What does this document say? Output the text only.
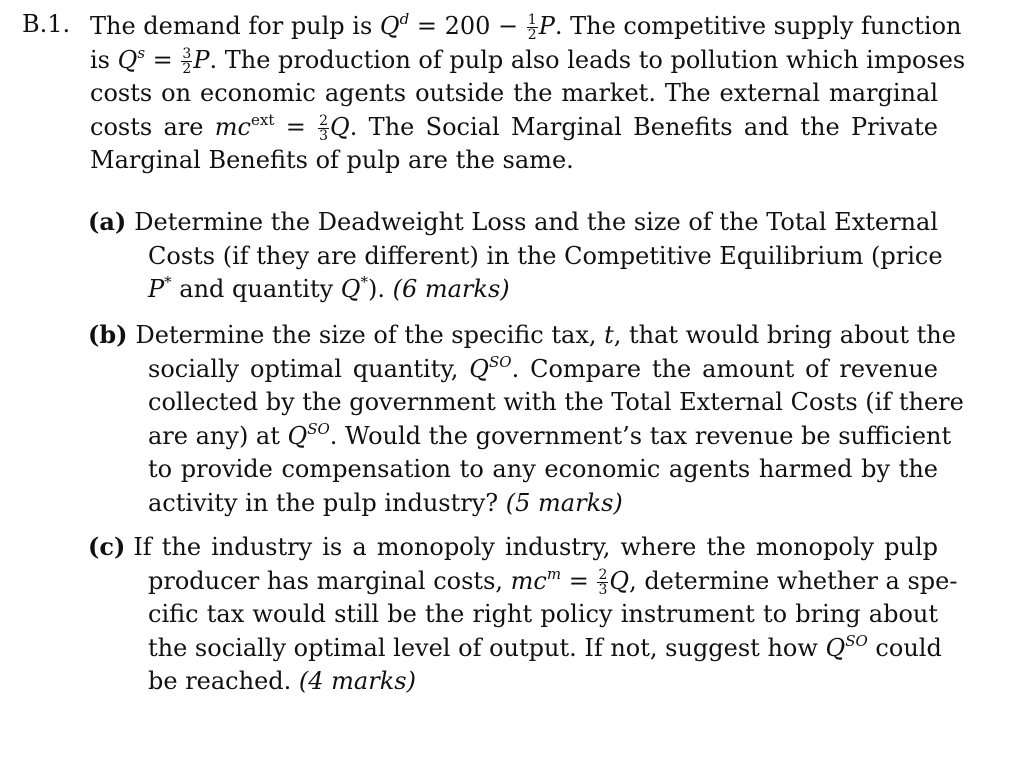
B.1. The demand for pulp is $Q^d = 200 - \frac{1}{2} P$. The competitive supply function
is $Q^s = \frac{3}{2} P$. The production of pulp also leads to pollution which imposes
costs on economic agents outside the market. The external marginal
costs are $mc^{ext} = \frac{2}{3} Q$. The Social Marginal Benefits and the Private
Marginal Benefits of pulp are the same.
(a) Determine the Deadweight Loss and the size of the Total External
Costs (if they are different) in the Competitive Equilibrium (price
P* and quantity Q*). (6 marks)
(b) Determine the size of the specific tax, t, that would bring about the
socially optimal quantity, $Q^{SO}$. Compare the amount of revenue
collected by the government with the Total External Costs (if there
are any) at $Q^{SO}$. Would the government’s tax revenue be sufficient
to provide compensation to any economic agents harmed by the
activity in the pulp industry? (5 marks)
(c) If the industry is a monopoly industry, where the monopoly pulp
producer has marginal costs, $mc^m = \frac{2}{3} Q$, determine whether a spe-
cific tax would still be the right policy instrument to bring about
the socially optimal level of output. If not, suggest how $Q^{SO}$ could
be reached. (4 marks)
